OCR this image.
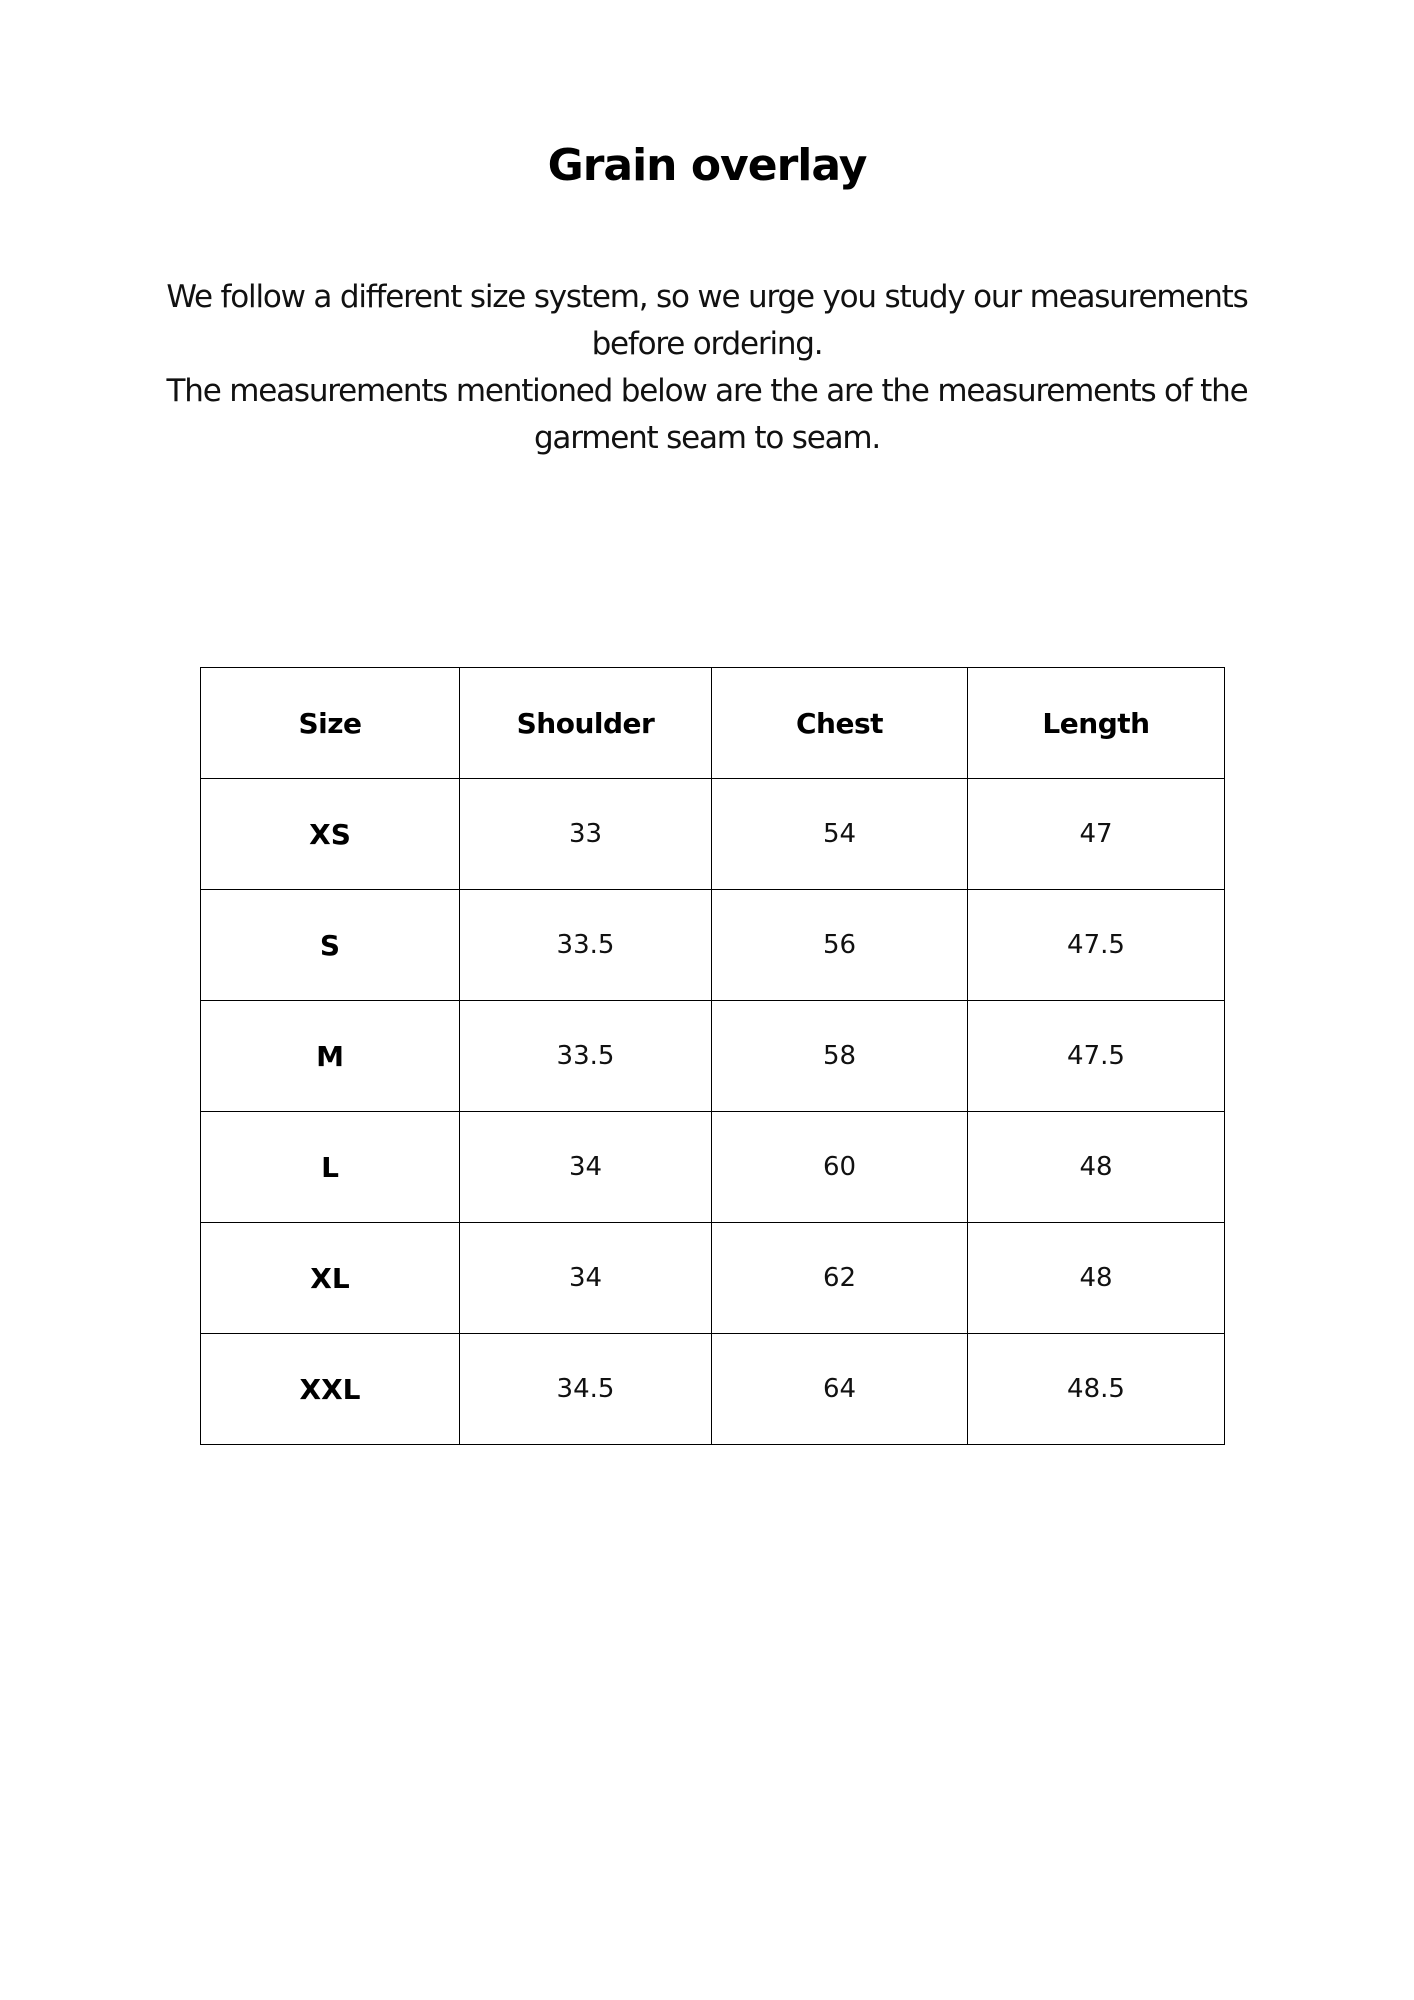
Grain overlay

We follow a different size system, so we urge you study our measurements before ordering.

The measurements mentioned below are the are the measurements of the garment seam to seam.

Size	Shoulder	Chest	Length
XS	33	54	47
S	33.5	56	47.5
M	33.5	58	47.5
L	34	60	48
XL	34	62	48
XXL	34.5	64	48.5
